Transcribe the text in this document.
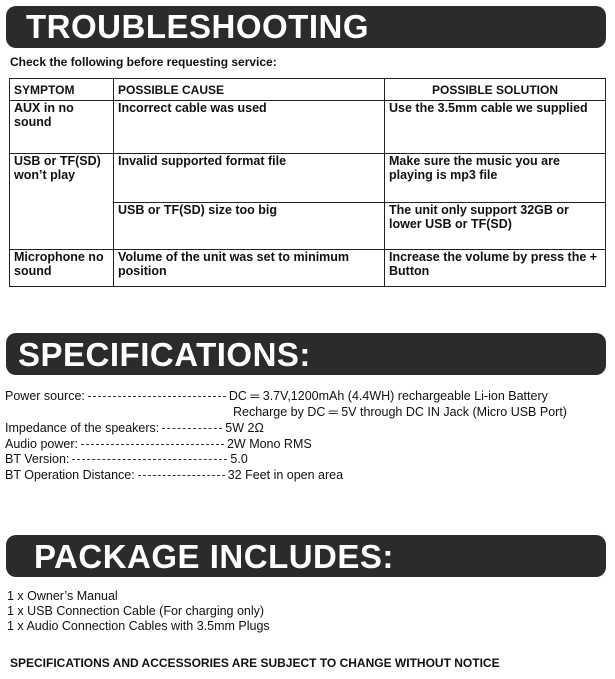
TROUBLESHOOTING
Check the following before requesting service:
SYMPTOM	POSSIBLE CAUSE	POSSIBLE SOLUTION
AUX in no sound	Incorrect cable was used	Use the 3.5mm cable we supplied
USB or TF(SD) won’t play	Invalid supported format file	Make sure the music you are playing is mp3 file
	USB or TF(SD) size too big	The unit only support 32GB or lower USB or TF(SD)
Microphone no sound	Volume of the unit was set to minimum position	Increase the volume by press the + Button
SPECIFICATIONS:
Power source:	DC ═ 3.7V,1200mAh (4.4WH) rechargeable Li-ion Battery
Recharge by DC ═ 5V through DC IN Jack (Micro USB Port)
Impedance of the speakers:	5W 2Ω
Audio power:	2W Mono RMS
BT Version:	5.0
BT Operation Distance:	32 Feet in open area
PACKAGE INCLUDES:
1 x Owner’s Manual
1 x USB Connection Cable (For charging only)
1 x Audio Connection Cables with 3.5mm Plugs
SPECIFICATIONS AND ACCESSORIES ARE SUBJECT TO CHANGE WITHOUT NOTICE
